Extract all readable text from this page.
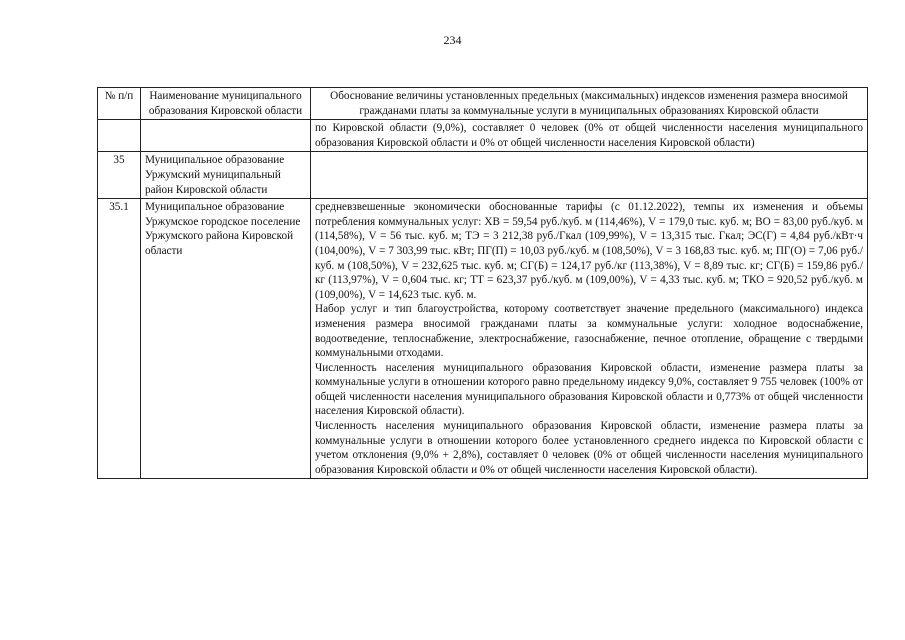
234
№ п/п	Наименование муниципального образования Кировской области	Обоснование величины установленных предельных (максимальных) индексов изменения размера вносимой гражданами платы за коммунальные услуги в муниципальных образованиях Кировской области

		по Кировской области (9,0%), составляет 0 человек (0% от общей численности населения муниципального образования Кировской области и 0% от общей численности населения Кировской области)

35	Муниципальное образование Уржумский муниципальный район Кировской области	
35.1	Муниципальное образование Уржумское городское поселение Уржумского района Кировской области	средневзвешенные экономически обоснованные тарифы (с 01.12.2022), темпы их изменения и объемы потребления коммунальных услуг: ХВ = 59,54 руб./куб. м (114,46%), V = 179,0 тыс. куб. м; ВО = 83,00 руб./куб. м (114,58%), V = 56 тыс. куб. м; ТЭ = 3 212,38 руб./Гкал (109,99%), V = 13,315 тыс. Гкал; ЭС(Г) = 4,84 руб./кВт·ч (104,00%), V = 7 303,99 тыс. кВт; ПГ(П) = 10,03 руб./куб. м (108,50%), V = 3 168,83 тыс. куб. м; ПГ(О) = 7,06 руб./куб. м (108,50%), V = 232,625 тыс. куб. м; СГ(Б) = 124,17 руб./кг (113,38%), V = 8,89 тыс. кг; СГ(Б) = 159,86 руб./кг (113,97%), V = 0,604 тыс. кг; ТТ = 623,37 руб./куб. м (109,00%), V = 4,33 тыс. куб. м; ТКО = 920,52 руб./куб. м (109,00%), V = 14,623 тыс. куб. м.

Набор услуг и тип благоустройства, которому соответствует значение предельного (максимального) индекса изменения размера вносимой гражданами платы за коммунальные услуги: холодное водоснабжение, водоотведение, теплоснабжение, электроснабжение, газоснабжение, печное отопление, обращение с твердыми коммунальными отходами.

Численность населения муниципального образования Кировской области, изменение размера платы за коммунальные услуги в отношении которого равно предельному индексу 9,0%, составляет 9 755 человек (100% от общей численности населения муниципального образования Кировской области и 0,773% от общей численности населения Кировской области).

Численность населения муниципального образования Кировской области, изменение размера платы за коммунальные услуги в отношении которого более установленного среднего индекса по Кировской области с учетом отклонения (9,0% + 2,8%), составляет 0 человек (0% от общей численности населения муниципального образования Кировской области и 0% от общей численности населения Кировской области).
